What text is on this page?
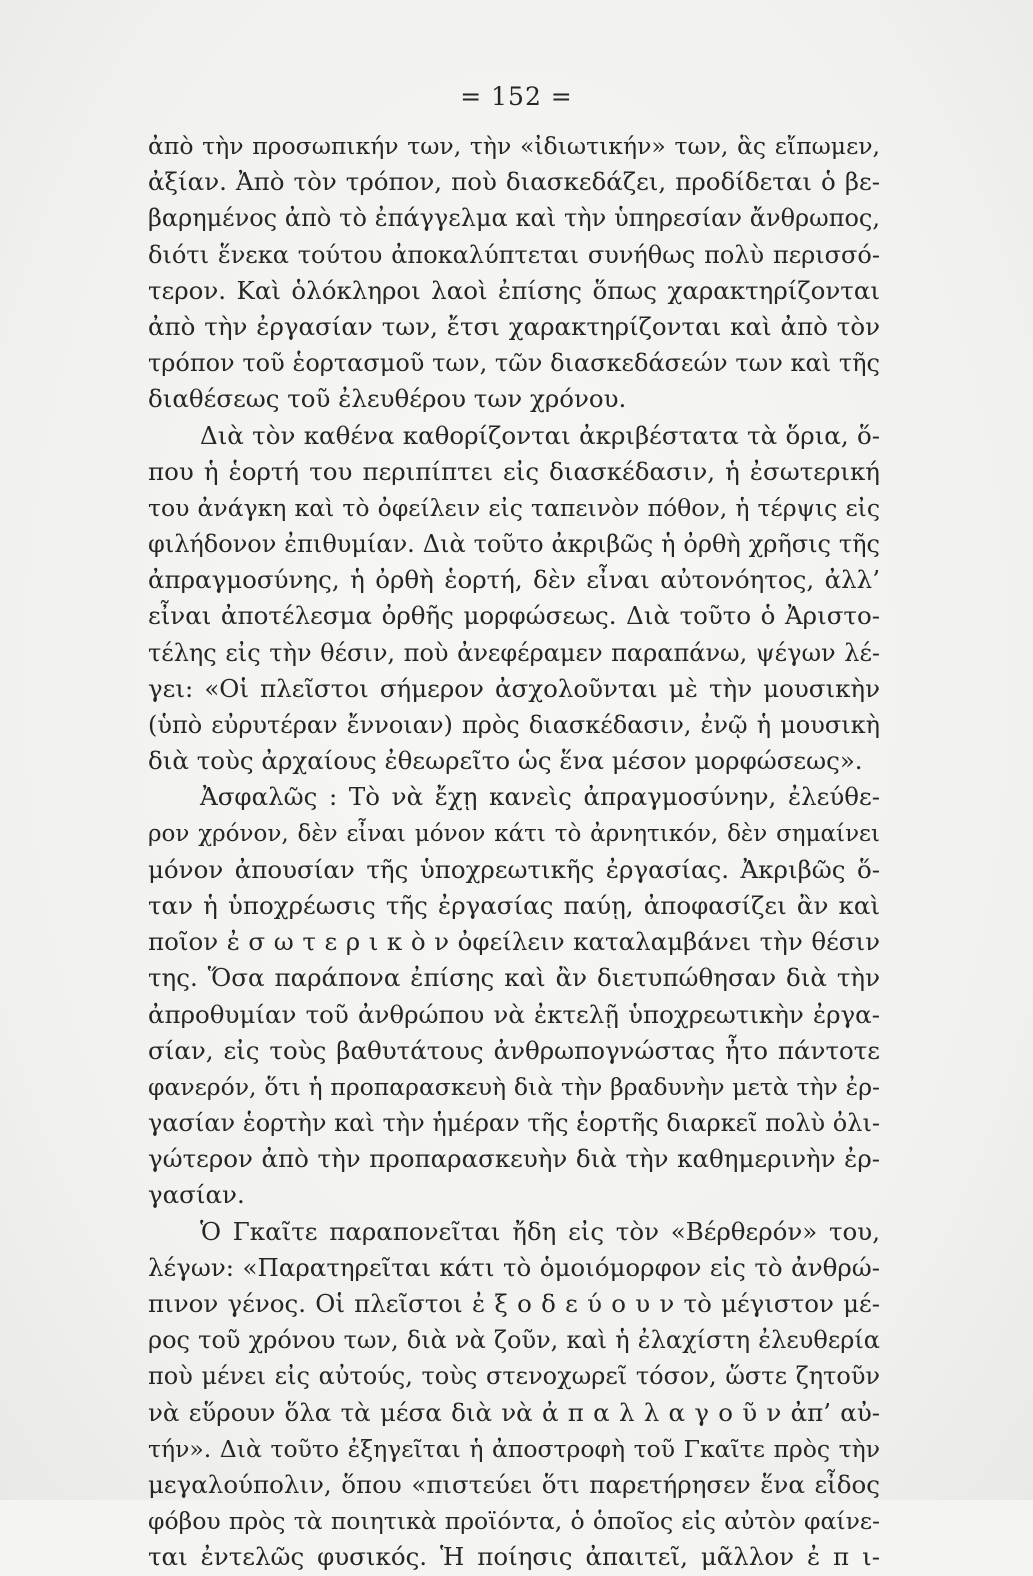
= 152 =
ἀπὸ τὴν προσωπικήν των, τὴν «ἰδιωτικήν» των, ἃς εἴπωμεν,
ἀξίαν. Ἀπὸ τὸν τρόπον, ποὺ διασκεδάζει, προδίδεται ὁ βε-
βαρημένος ἀπὸ τὸ ἐπάγγελμα καὶ τὴν ὑπηρεσίαν ἄνθρωπος,
διότι ἕνεκα τούτου ἀποκαλύπτεται συνήθως πολὺ περισσό-
τερον. Καὶ ὁλόκληροι λαοὶ ἐπίσης ὅπως χαρακτηρίζονται
ἀπὸ τὴν ἐργασίαν των, ἔτσι χαρακτηρίζονται καὶ ἀπὸ τὸν
τρόπον τοῦ ἑορτασμοῦ των, τῶν διασκεδάσεών των καὶ τῆς
διαθέσεως τοῦ ἐλευθέρου των χρόνου.
Διὰ τὸν καθένα καθορίζονται ἀκριβέστατα τὰ ὅρια, ὅ-
που ἡ ἑορτή του περιπίπτει εἰς διασκέδασιν, ἡ ἐσωτερική
του ἀνάγκη καὶ τὸ ὀφείλειν εἰς ταπεινὸν πόθον, ἡ τέρψις εἰς
φιλήδονον ἐπιθυμίαν. Διὰ τοῦτο ἀκριβῶς ἡ ὀρθὴ χρῆσις τῆς
ἀπραγμοσύνης, ἡ ὀρθὴ ἑορτή, δὲν εἶναι αὐτονόητος, ἀλλ’
εἶναι ἀποτέλεσμα ὀρθῆς μορφώσεως. Διὰ τοῦτο ὁ Ἀριστο-
τέλης εἰς τὴν θέσιν, ποὺ ἀνεφέραμεν παραπάνω, ψέγων λέ-
γει: «Οἱ πλεῖστοι σήμερον ἀσχολοῦνται μὲ τὴν μουσικὴν
(ὑπὸ εὐρυτέραν ἔννοιαν) πρὸς διασκέδασιν, ἐνῷ ἡ μουσικὴ
διὰ τοὺς ἀρχαίους ἐθεωρεῖτο ὡς ἕνα μέσον μορφώσεως».
Ἀσφαλῶς : Τὸ νὰ ἔχῃ κανεὶς ἀπραγμοσύνην, ἐλεύθε-
ρον χρόνον, δὲν εἶναι μόνον κάτι τὸ ἀρνητικόν, δὲν σημαίνει
μόνον ἀπουσίαν τῆς ὑποχρεωτικῆς ἐργασίας. Ἀκριβῶς ὅ-
ταν ἡ ὑποχρέωσις τῆς ἐργασίας παύῃ, ἀποφασίζει ἂν καὶ
ποῖον ἐ σ ω τ ε ρ ι κ ὸ ν ὀφείλειν καταλαμβάνει τὴν θέσιν
της. Ὅσα παράπονα ἐπίσης καὶ ἂν διετυπώθησαν διὰ τὴν
ἀπροθυμίαν τοῦ ἀνθρώπου νὰ ἐκτελῇ ὑποχρεωτικὴν ἐργα-
σίαν, εἰς τοὺς βαθυτάτους ἀνθρωπογνώστας ἦτο πάντοτε
φανερόν, ὅτι ἡ προπαρασκευὴ διὰ τὴν βραδυνὴν μετὰ τὴν ἐρ-
γασίαν ἑορτὴν καὶ τὴν ἡμέραν τῆς ἑορτῆς διαρκεῖ πολὺ ὀλι-
γώτερον ἀπὸ τὴν προπαρασκευὴν διὰ τὴν καθημερινὴν ἐρ-
γασίαν.
Ὁ Γκαῖτε παραπονεῖται ἤδη εἰς τὸν «Βέρθερόν» του,
λέγων: «Παρατηρεῖται κάτι τὸ ὁμοιόμορφον εἰς τὸ ἀνθρώ-
πινον γένος. Οἱ πλεῖστοι ἐ ξ ο δ ε ύ ο υ ν τὸ μέγιστον μέ-
ρος τοῦ χρόνου των, διὰ νὰ ζοῦν, καὶ ἡ ἐλαχίστη ἐλευθερία
ποὺ μένει εἰς αὐτούς, τοὺς στενοχωρεῖ τόσον, ὥστε ζητοῦν
νὰ εὕρουν ὅλα τὰ μέσα διὰ νὰ ἀ π α λ λ α γ ο ῦ ν ἀπ’ αὐ-
τήν». Διὰ τοῦτο ἐξηγεῖται ἡ ἀποστροφὴ τοῦ Γκαῖτε πρὸς τὴν
μεγαλούπολιν, ὅπου «πιστεύει ὅτι παρετήρησεν ἕνα εἶδος
φόβου πρὸς τὰ ποιητικὰ προϊόντα, ὁ ὁποῖος εἰς αὐτὸν φαίνε-
ται ἐντελῶς φυσικός. Ἡ ποίησις ἀπαιτεῖ, μᾶλλον ἐ π ι-
